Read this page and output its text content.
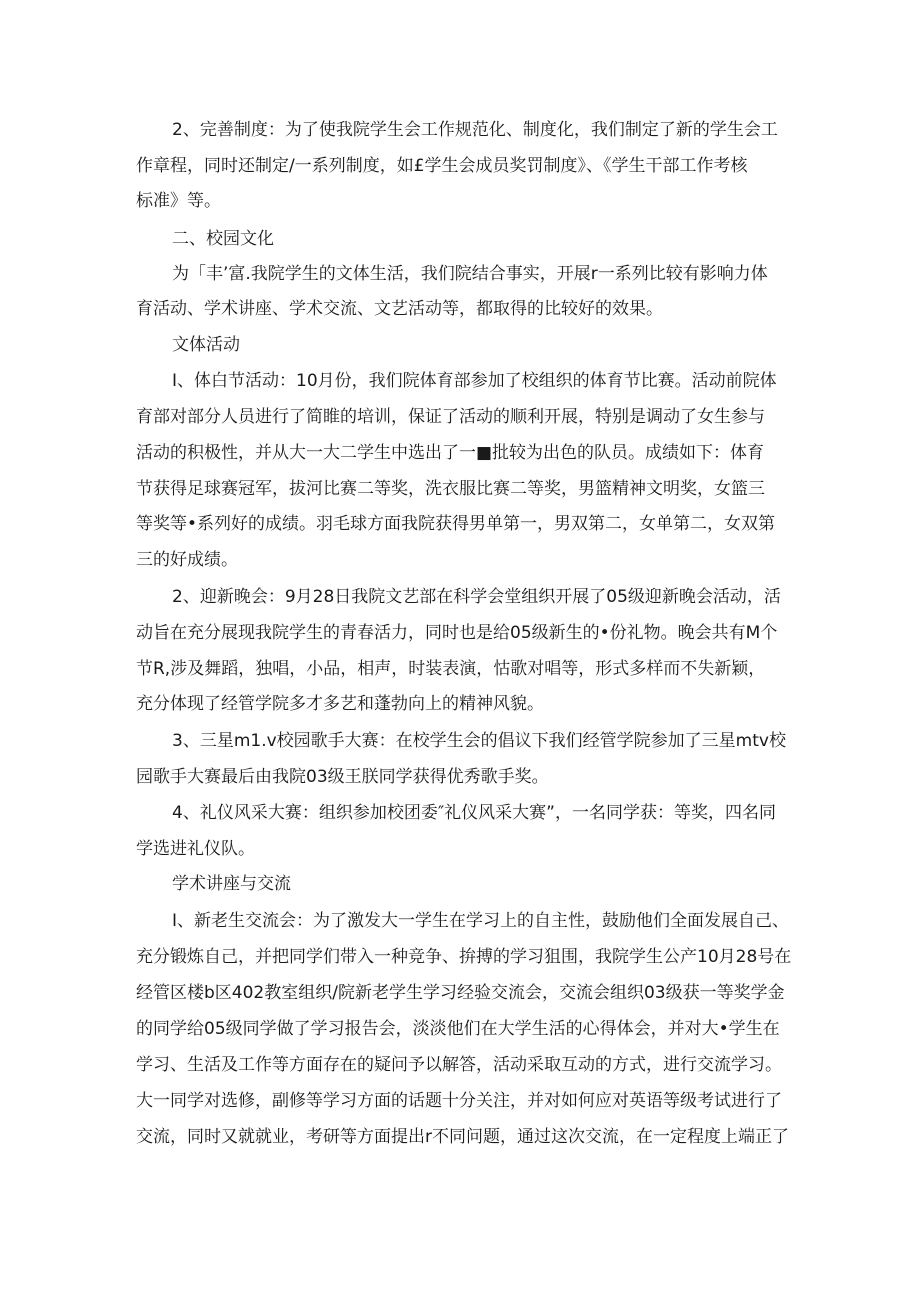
2、完善制度：为了使我院学生会工作规范化、制度化，我们制定了新的学生会工
作章程，同时还制定/一系列制度，如£学生会成员奖罚制度》、《学生干部工作考核
标准》等。
二、校园文化
为「丰’富.我院学生的文体生活，我们院结合事实，开展r一系列比较有影响力体
育活动、学术讲座、学术交流、文艺活动等，都取得的比较好的效果。
文体活动
I、体白节活动：10月份，我们院体育部参加了校组织的体育节比赛。活动前院体
育部对部分人员进行了简睢的培训，保证了活动的顺利开展，特别是调动了女生参与
活动的积极性，并从大一大二学生中选出了一■批较为出色的队员。成绩如下：体育
节获得足球赛冠军，拔河比赛二等奖，洗衣服比赛二等奖，男篮精神文明奖，女篮三
等奖等•系列好的成绩。羽毛球方面我院获得男单第一，男双第二，女单第二，女双第
三的好成绩。
2、迎新晚会：9月28日我院文艺部在科学会堂组织开展了05级迎新晚会活动，活
动旨在充分展现我院学生的青春活力，同时也是给05级新生的•份礼物。晚会共有M个
节R,涉及舞蹈，独唱，小品，相声，时装表演，怙歌对唱等，形式多样而不失新颖，
充分体现了经管学院多才多艺和蓬勃向上的精神风貌。
3、三星m1.v校园歌手大赛：在校学生会的倡议下我们经管学院参加了三星mtv校
园歌手大赛最后由我院03级王朕同学获得优秀歌手奖。
4、礼仪风采大赛：组织参加校团委″礼仪风采大赛”，一名同学获：等奖，四名同
学选进礼仪队。
学术讲座与交流
I、新老生交流会：为了激发大一学生在学习上的自主性，鼓励他们全面发展自己、
充分锻炼自己，并把同学们带入一种竞争、拚搏的学习狙围，我院学生公产10月28号在
经管区楼b区402教室组织/院新老学生学习经验交流会，交流会组织03级获一等奖学金
的同学给05级同学做了学习报告会，淡淡他们在大学生活的心得体会，并对大•学生在
学习、生活及工作等方面存在的疑问予以解答，活动采取互动的方式，进行交流学习。
大一同学对选修，副修等学习方面的话题十分关注，并对如何应对英语等级考试进行了
交流，同时又就就业，考研等方面提出r不同问题，通过这次交流，在一定程度上端正了
